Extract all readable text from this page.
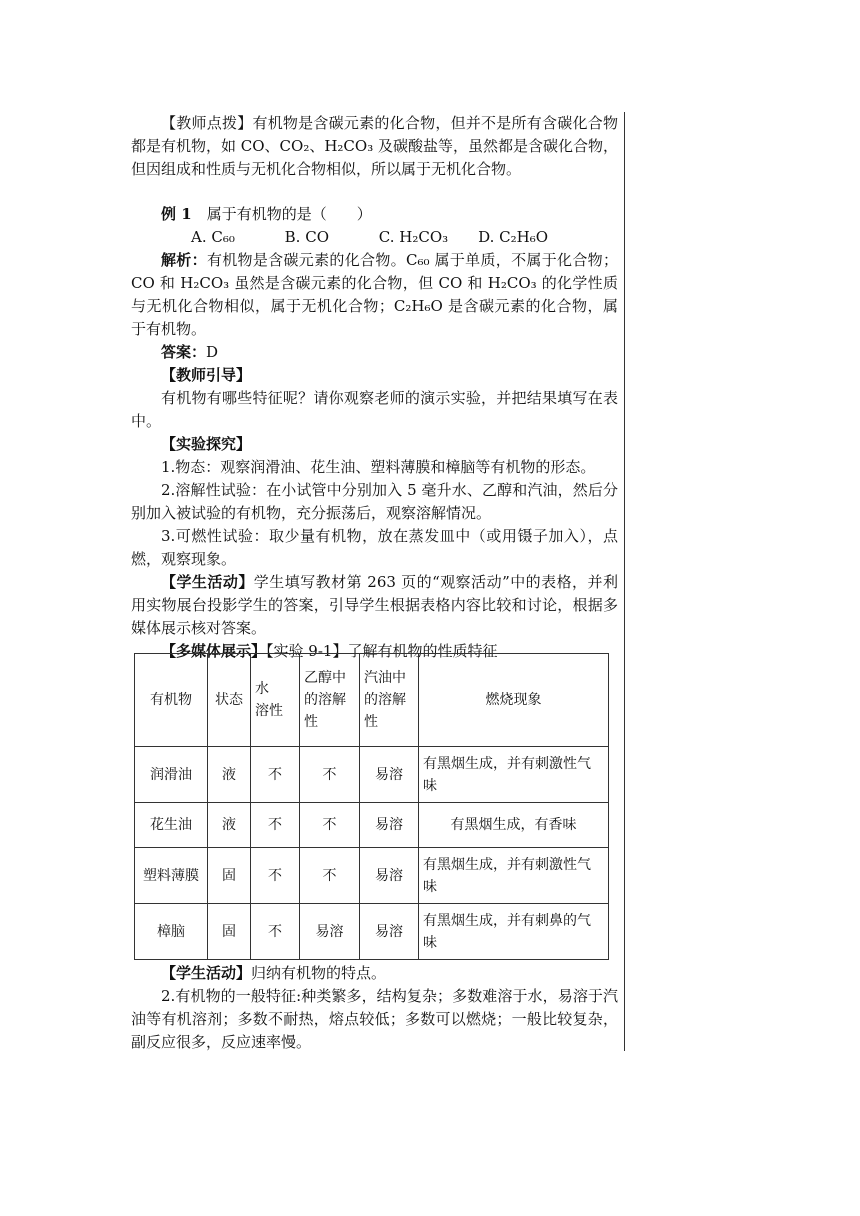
【教师点拨】有机物是含碳元素的化合物，但并不是所有含碳化合物都是有机物，如 CO、CO₂、H₂CO₃ 及碳酸盐等，虽然都是含碳化合物，但因组成和性质与无机化合物相似，所以属于无机化合物。

例 1　 属于有机物的是（　　）

A. C₆₀　	B. CO　	C. H₂CO₃ D. C₂H₆O

解析：有机物是含碳元素的化合物。C₆₀ 属于单质，不属于化合物；CO 和 H₂CO₃ 虽然是含碳元素的化合物，但 CO 和 H₂CO₃ 的化学性质与无机化合物相似，属于无机化合物；C₂H₆O 是含碳元素的化合物，属于有机物。

答案：D

【教师引导】

有机物有哪些特征呢？请你观察老师的演示实验，并把结果填写在表中。

【实验探究】

1.物态：观察润滑油、花生油、塑料薄膜和樟脑等有机物的形态。

2.溶解性试验：在小试管中分别加入 5 毫升水、乙醇和汽油，然后分别加入被试验的有机物，充分振荡后，观察溶解情况。

3.可燃性试验：取少量有机物，放在蒸发皿中（或用镊子加入），点燃，观察现象。

【学生活动】学生填写教材第 263 页的“观察活动”中的表格，并利用实物展台投影学生的答案，引导学生根据表格内容比较和讨论，根据多媒体展示核对答案。

【多媒体展示】【实验 9-1】了解有机物的性质特征

有机物	状态	水　溶性	乙醇中的溶解性	汽油中的溶解性	燃烧现象
润滑油	液	不	不	易溶	有黑烟生成，并有刺激性气味
花生油	液	不	不	易溶	有黑烟生成，有香味
塑料薄膜	固	不	不	易溶	有黑烟生成，并有刺激性气味
樟脑	固	不	易溶	易溶	有黑烟生成，并有刺鼻的气味

【学生活动】归纳有机物的特点。

2.有机物的一般特征:种类繁多，结构复杂；多数难溶于水，易溶于汽油等有机溶剂；多数不耐热，熔点较低；多数可以燃烧；一般比较复杂，副反应很多，反应速率慢。
